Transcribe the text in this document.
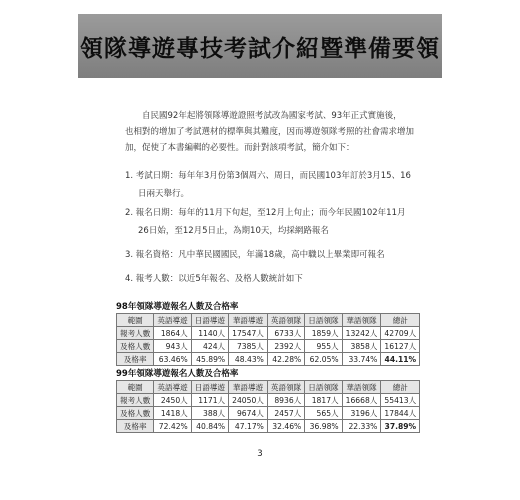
領隊導遊專技考試介紹暨準備要領
自民國92年起將領隊導遊證照考試改為國家考試、93年正式實施後，
也相對的增加了考試選材的標準與其難度，因而導遊領隊考照的社會需求增加
加，促使了本書編輯的必要性。而針對該項考試，簡介如下：
1. 考試日期：每年年3月份第3個周六、周日，而民國103年訂於3月15、16
日兩天舉行。
2. 報名日期：每年的11月下旬起，至12月上旬止；而今年民國102年11月
26日始，至12月5日止，為期10天，均採網路報名
3. 報名資格：凡中華民國國民，年滿18歲，高中職以上畢業即可報名
4. 報考人數：以近5年報名、及格人數統計如下
98年領隊導遊報名人數及合格率
範圍	英語導遊	日語導遊	華語導遊	英語領隊	日語領隊	華語領隊	總計
報考人數	1864人	1140人	17547人	6733人	1859人	13242人	42709人
及格人數	943人	424人	7385人	2392人	955人	3858人	16127人
及格率	63.46%	45.89%	48.43%	42.28%	62.05%	33.74%	44.11%
99年領隊導遊報名人數及合格率
範圍	英語導遊	日語導遊	華語導遊	英語領隊	日語領隊	華語領隊	總計
報考人數	2450人	1171人	24050人	8936人	1817人	16668人	55413人
及格人數	1418人	388人	9674人	2457人	565人	3196人	17844人
及格率	72.42%	40.84%	47.17%	32.46%	36.98%	22.33%	37.89%
3
